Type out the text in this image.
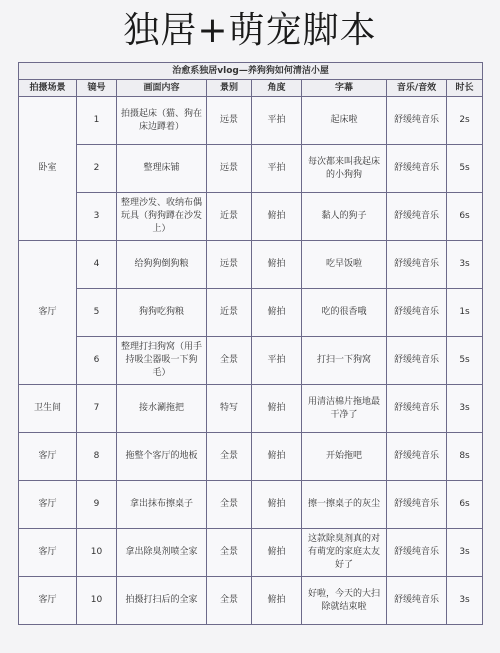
独居+萌宠脚本
治愈系独居vlog—养狗狗如何清洁小屋							
拍摄场景	镜号	画面内容	景别	角度	字幕	音乐/音效	时长
卧室	1	拍摄起床（猫、狗在床边蹲着）	远景	平拍	起床啦	舒缓纯音乐	2s
	2	整理床铺	远景	平拍	每次都来叫我起床的小狗狗	舒缓纯音乐	5s
	3	整理沙发、收纳布偶玩具（狗狗蹲在沙发上）	近景	俯拍	黏人的狗子	舒缓纯音乐	6s
客厅	4	给狗狗倒狗粮	远景	俯拍	吃早饭啦	舒缓纯音乐	3s
	5	狗狗吃狗粮	近景	俯拍	吃的很香哦	舒缓纯音乐	1s
	6	整理打扫狗窝（用手持吸尘器吸一下狗毛）	全景	平拍	打扫一下狗窝	舒缓纯音乐	5s
卫生间	7	接水涮拖把	特写	俯拍	用清洁棉片拖地最干净了	舒缓纯音乐	3s
客厅	8	拖整个客厅的地板	全景	俯拍	开始拖吧	舒缓纯音乐	8s
客厅	9	拿出抹布擦桌子	全景	俯拍	擦一擦桌子的灰尘	舒缓纯音乐	6s
客厅	10	拿出除臭剂喷全家	全景	俯拍	这款除臭剂真的对有萌宠的家庭太友好了	舒缓纯音乐	3s
客厅	10	拍摄打扫后的全家	全景	俯拍	好啦，今天的大扫除就结束啦	舒缓纯音乐	3s
